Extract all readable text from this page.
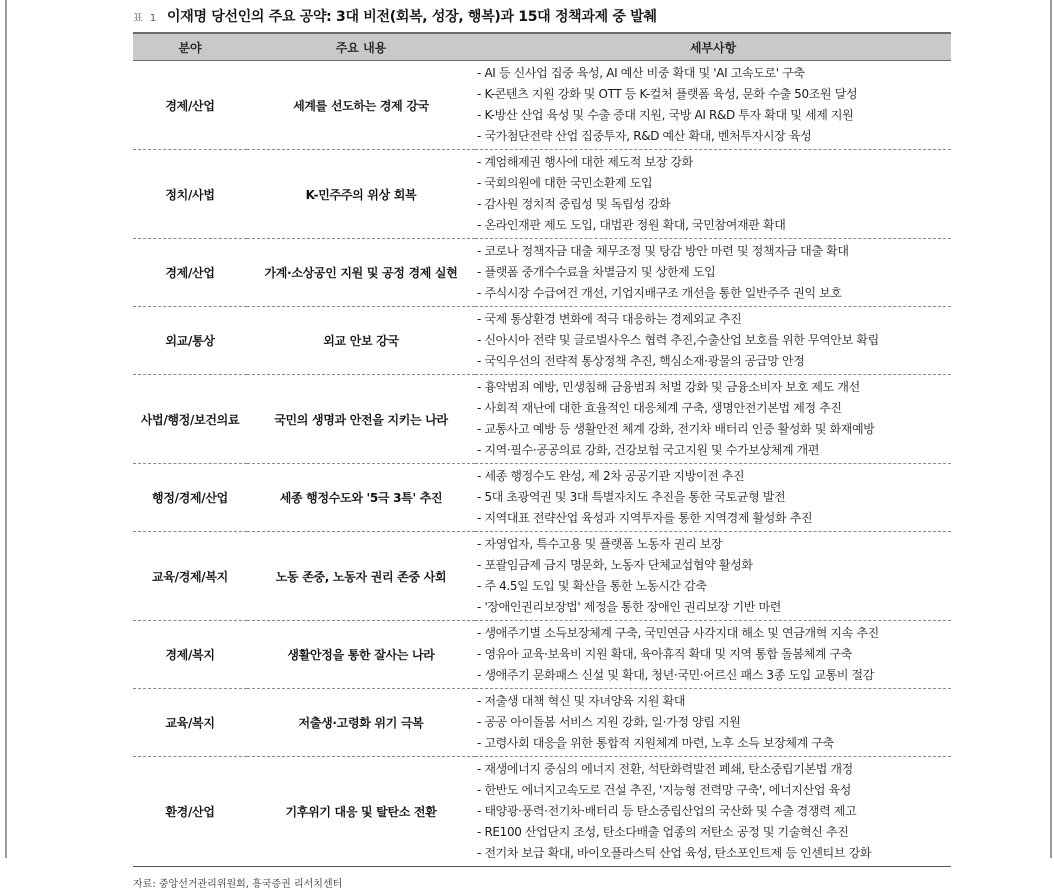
표 1 이재명 당선인의 주요 공약: 3대 비전(회복, 성장, 행복)과 15대 정책과제 중 발췌
분야	주요 내용	세부사항
경제/산업	세계를 선도하는 경제 강국	- AI 등 신사업 집중 육성, AI 예산 비중 확대 및 'AI 고속도로' 구축
- K-콘텐츠 지원 강화 및 OTT 등 K-컬처 플랫폼 육성, 문화 수출 50조원 달성
- K-방산 산업 육성 및 수출 증대 지원, 국방 AI R&D 투자 확대 및 세제 지원
- 국가첨단전략 산업 집중투자, R&D 예산 확대, 벤처투자시장 육성

정치/사법	K-민주주의 위상 회복	- 계엄해제권 행사에 대한 제도적 보장 강화
- 국회의원에 대한 국민소환제 도입
- 감사원 정치적 중립성 및 독립성 강화
- 온라인재판 제도 도입, 대법관 정원 확대, 국민참여재판 확대

경제/산업	가계·소상공인 지원 및 공정 경제 실현	- 코로나 정책자금 대출 채무조정 및 탕감 방안 마련 및 정책자금 대출 확대
- 플랫폼 중개수수료율 차별금지 및 상한제 도입
- 주식시장 수급여건 개선, 기업지배구조 개선을 통한 일반주주 권익 보호

외교/통상	외교 안보 강국	- 국제 통상환경 변화에 적극 대응하는 경제외교 추진
- 신아시아 전략 및 글로벌사우스 협력 추진,수출산업 보호를 위한 무역안보 확립
- 국익우선의 전략적 통상정책 추진, 핵심소재·광물의 공급망 안정

사법/행정/보건의료	국민의 생명과 안전을 지키는 나라	- 흉악범죄 예방, 민생침해 금융범죄 처벌 강화 및 금융소비자 보호 제도 개선
- 사회적 재난에 대한 효율적인 대응체계 구축, 생명안전기본법 제정 추진
- 교통사고 예방 등 생활안전 체계 강화, 전기차 배터리 인증 활성화 및 화재예방
- 지역·필수·공공의료 강화, 건강보험 국고지원 및 수가보상체계 개편

행정/경제/산업	세종 행정수도와 '5극 3특' 추진	- 세종 행정수도 완성, 제 2차 공공기관 지방이전 추진
- 5대 초광역권 및 3대 특별자치도 추진을 통한 국토균형 발전
- 지역대표 전략산업 육성과 지역투자를 통한 지역경제 활성화 추진

교육/경제/복지	노동 존중, 노동자 권리 존중 사회	- 자영업자, 특수고용 및 플랫폼 노동자 권리 보장
- 포괄임금제 금지 명문화, 노동자 단체교섭협약 활성화
- 주 4.5일 도입 및 확산을 통한 노동시간 감축
- '장애인권리보장법' 제정을 통한 장애인 권리보장 기반 마련

경제/복지	생활안정을 통한 잘사는 나라	- 생애주기별 소득보장체계 구축, 국민연금 사각지대 해소 및 연금개혁 지속 추진
- 영유아 교육·보육비 지원 확대, 육아휴직 확대 및 지역 통합 돌봄체계 구축
- 생애주기 문화패스 신설 및 확대, 청년·국민·어르신 패스 3종 도입 교통비 절감

교육/복지	저출생·고령화 위기 극복	- 저출생 대책 혁신 및 자녀양육 지원 확대
- 공공 아이돌봄 서비스 지원 강화, 일·가정 양립 지원
- 고령사회 대응을 위한 통합적 지원체계 마련, 노후 소득 보장체계 구축

환경/산업	기후위기 대응 및 탈탄소 전환	- 재생에너지 중심의 에너지 전환, 석탄화력발전 폐쇄, 탄소중립기본법 개정
- 한반도 에너지고속도로 건설 추진, '지능형 전력망 구축', 에너지산업 육성
- 태양광·풍력·전기차·배터리 등 탄소중립산업의 국산화 및 수출 경쟁력 제고
- RE100 산업단지 조성, 탄소다배출 업종의 저탄소 공정 및 기술혁신 추진
- 전기차 보급 확대, 바이오플라스틱 산업 육성, 탄소포인트제 등 인센티브 강화
자료: 중앙선거관리위원회, 흥국증권 리서치센터
